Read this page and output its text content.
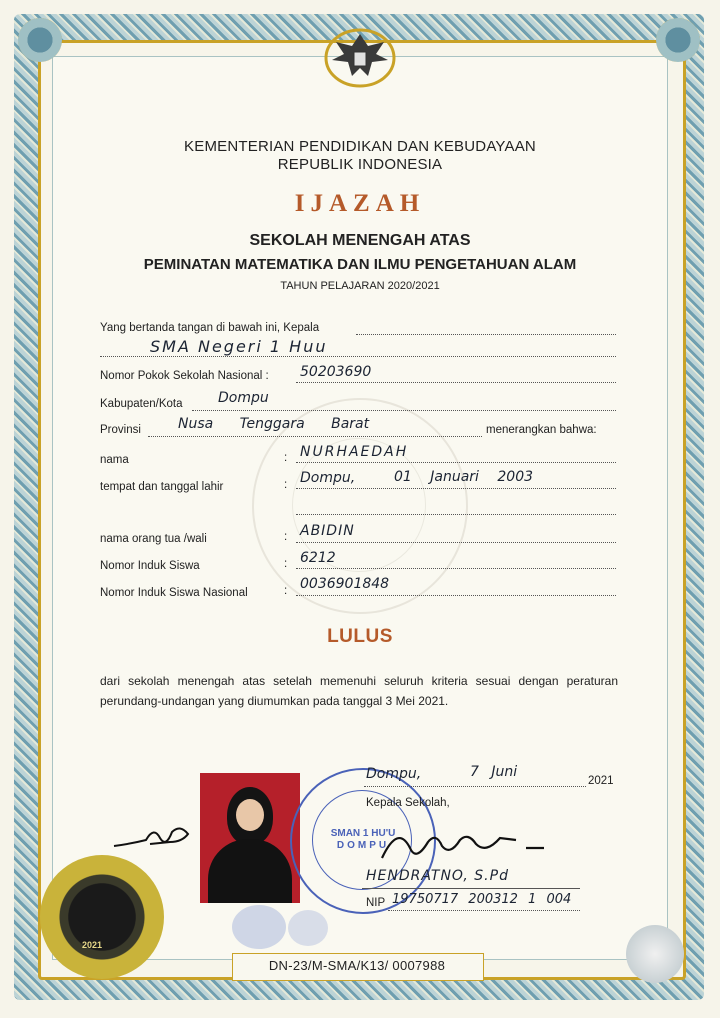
KEMENTERIAN PENDIDIKAN DAN KEBUDAYAAN
REPUBLIK INDONESIA
IJAZAH
SEKOLAH MENENGAH ATAS
PEMINATAN MATEMATIKA DAN ILMU PENGETAHUAN ALAM
TAHUN PELAJARAN 2020/2021
Yang bertanda tangan di bawah ini, Kepala
SMA Negeri 1 Huu
Nomor Pokok Sekolah Nasional : 50203690
Kabupaten/Kota	Dompu
Provinsi	Nusa Tenggara Barat	menerangkan bahwa:
nama	: NURHAEDAH
tempat dan tanggal lahir	: Dompu,	01 Januari 2003
nama orang tua /wali	: ABIDIN
Nomor Induk Siswa	: 6212
Nomor Induk Siswa Nasional	: 0036901848
LULUS
dari sekolah menengah atas setelah memenuhi seluruh kriteria sesuai dengan peraturan perundang-undangan yang diumumkan pada tanggal 3 Mei 2021.
SMAN 1 HU'U
DOMPU
Dompu,	7 Juni
2021
Kepala Sekolah,
HENDRATNO, S.Pd
NIP 19750717 200312 1 004
2021
DN-23/M-SMA/K13/ 0007988
